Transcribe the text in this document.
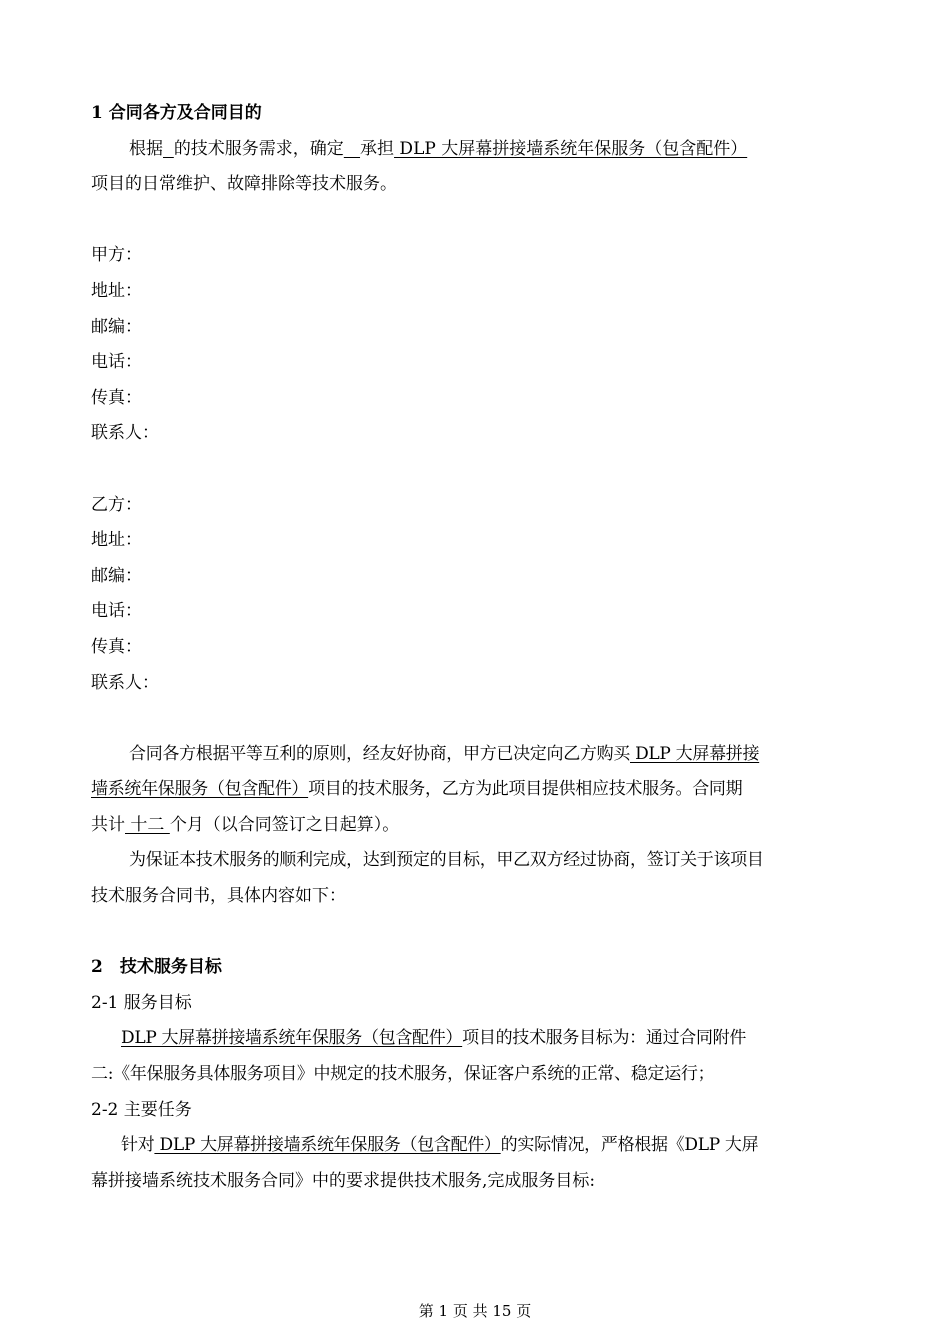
1 合同各方及合同目的
根据 的技术服务需求，确定 承担 DLP 大屏幕拼接墙系统年保服务（包含配件）
项目的日常维护、故障排除等技术服务。
甲方：
地址：
邮编：
电话：
传真：
联系人：
乙方：
地址：
邮编：
电话：
传真：
联系人：
合同各方根据平等互利的原则，经友好协商，甲方已决定向乙方购买 DLP 大屏幕拼接
墙系统年保服务（包含配件）项目的技术服务，乙方为此项目提供相应技术服务。合同期
共计 十二 个月（以合同签订之日起算）。
为保证本技术服务的顺利完成，达到预定的目标，甲乙双方经过协商，签订关于该项目
技术服务合同书，具体内容如下：
2　技术服务目标
2-1 服务目标
DLP 大屏幕拼接墙系统年保服务（包含配件）项目的技术服务目标为：通过合同附件
二:《年保服务具体服务项目》中规定的技术服务，保证客户系统的正常、稳定运行；
2-2 主要任务
针对 DLP 大屏幕拼接墙系统年保服务（包含配件）的实际情况，严格根据《DLP 大屏
幕拼接墙系统技术服务合同》中的要求提供技术服务,完成服务目标:
第 1 页 共 15 页
